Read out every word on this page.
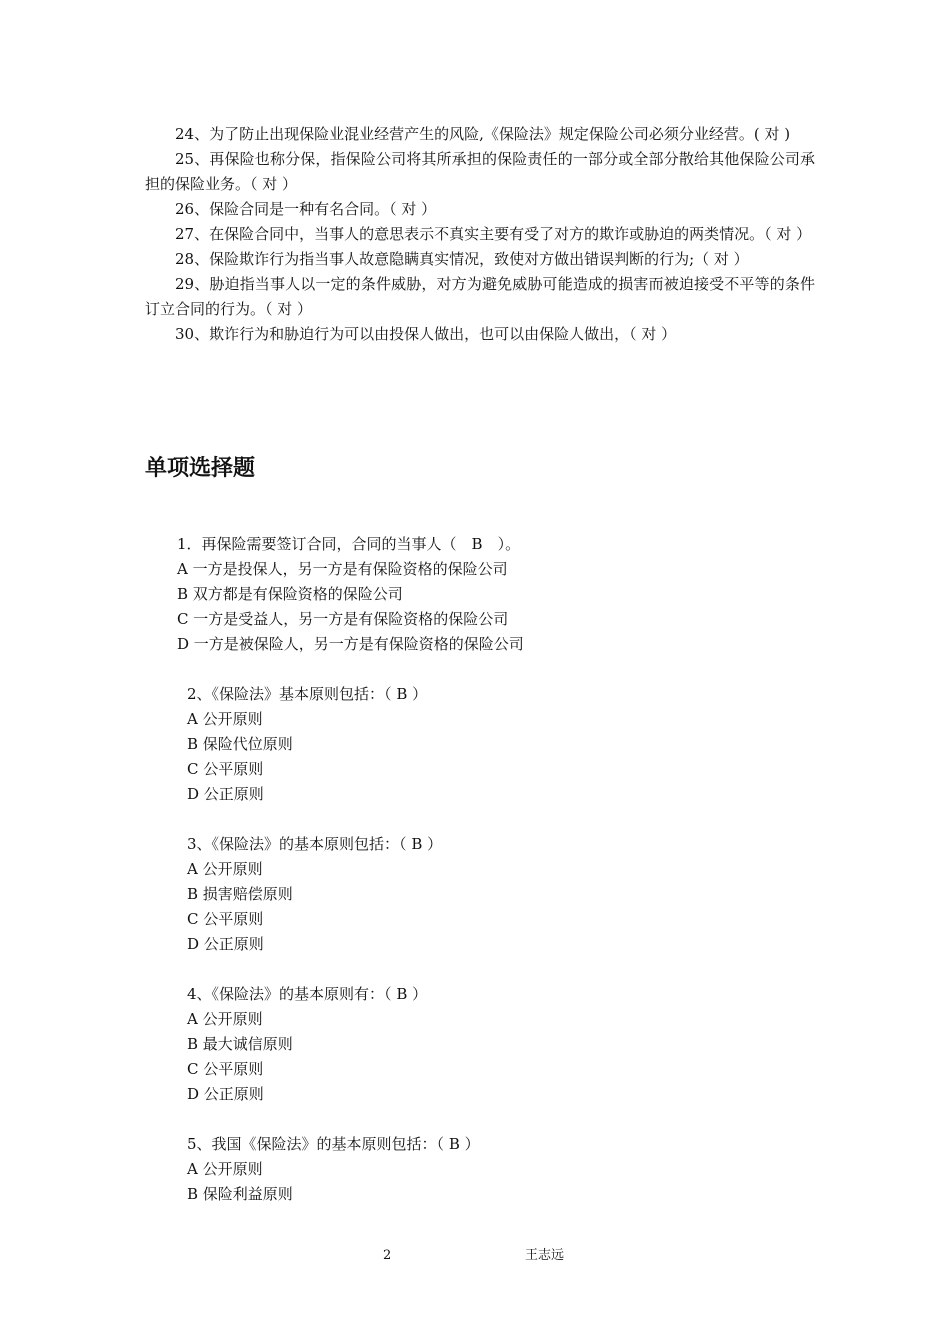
24、为了防止出现保险业混业经营产生的风险,《保险法》规定保险公司必须分业经营。( 对 )

25、再保险也称分保，指保险公司将其所承担的保险责任的一部分或全部分散给其他保险公司承担的保险业务。（ 对 ）

26、保险合同是一种有名合同。（ 对 ）

27、在保险合同中，当事人的意思表示不真实主要有受了对方的欺诈或胁迫的两类情况。（ 对 ）

28、保险欺诈行为指当事人故意隐瞒真实情况，致使对方做出错误判断的行为;（ 对 ）

29、胁迫指当事人以一定的条件威胁，对方为避免威胁可能造成的损害而被迫接受不平等的条件订立合同的行为。（ 对 ）

30、欺诈行为和胁迫行为可以由投保人做出，也可以由保险人做出，（ 对 ）

单项选择题

1．再保险需要签订合同，合同的当事人（　B　）。

A 一方是投保人，另一方是有保险资格的保险公司

B 双方都是有保险资格的保险公司

C 一方是受益人，另一方是有保险资格的保险公司

D 一方是被保险人，另一方是有保险资格的保险公司

2、《保险法》基本原则包括：（ B ）

A 公开原则

B 保险代位原则

C 公平原则

D 公正原则

3、《保险法》的基本原则包括：（ B ）

A 公开原则

B 损害赔偿原则

C 公平原则

D 公正原则

4、《保险法》的基本原则有：（ B ）

A 公开原则

B 最大诚信原则

C 公平原则

D 公正原则

5、我国《保险法》的基本原则包括：（ B ）

A 公开原则

B 保险利益原则

2	王志远
